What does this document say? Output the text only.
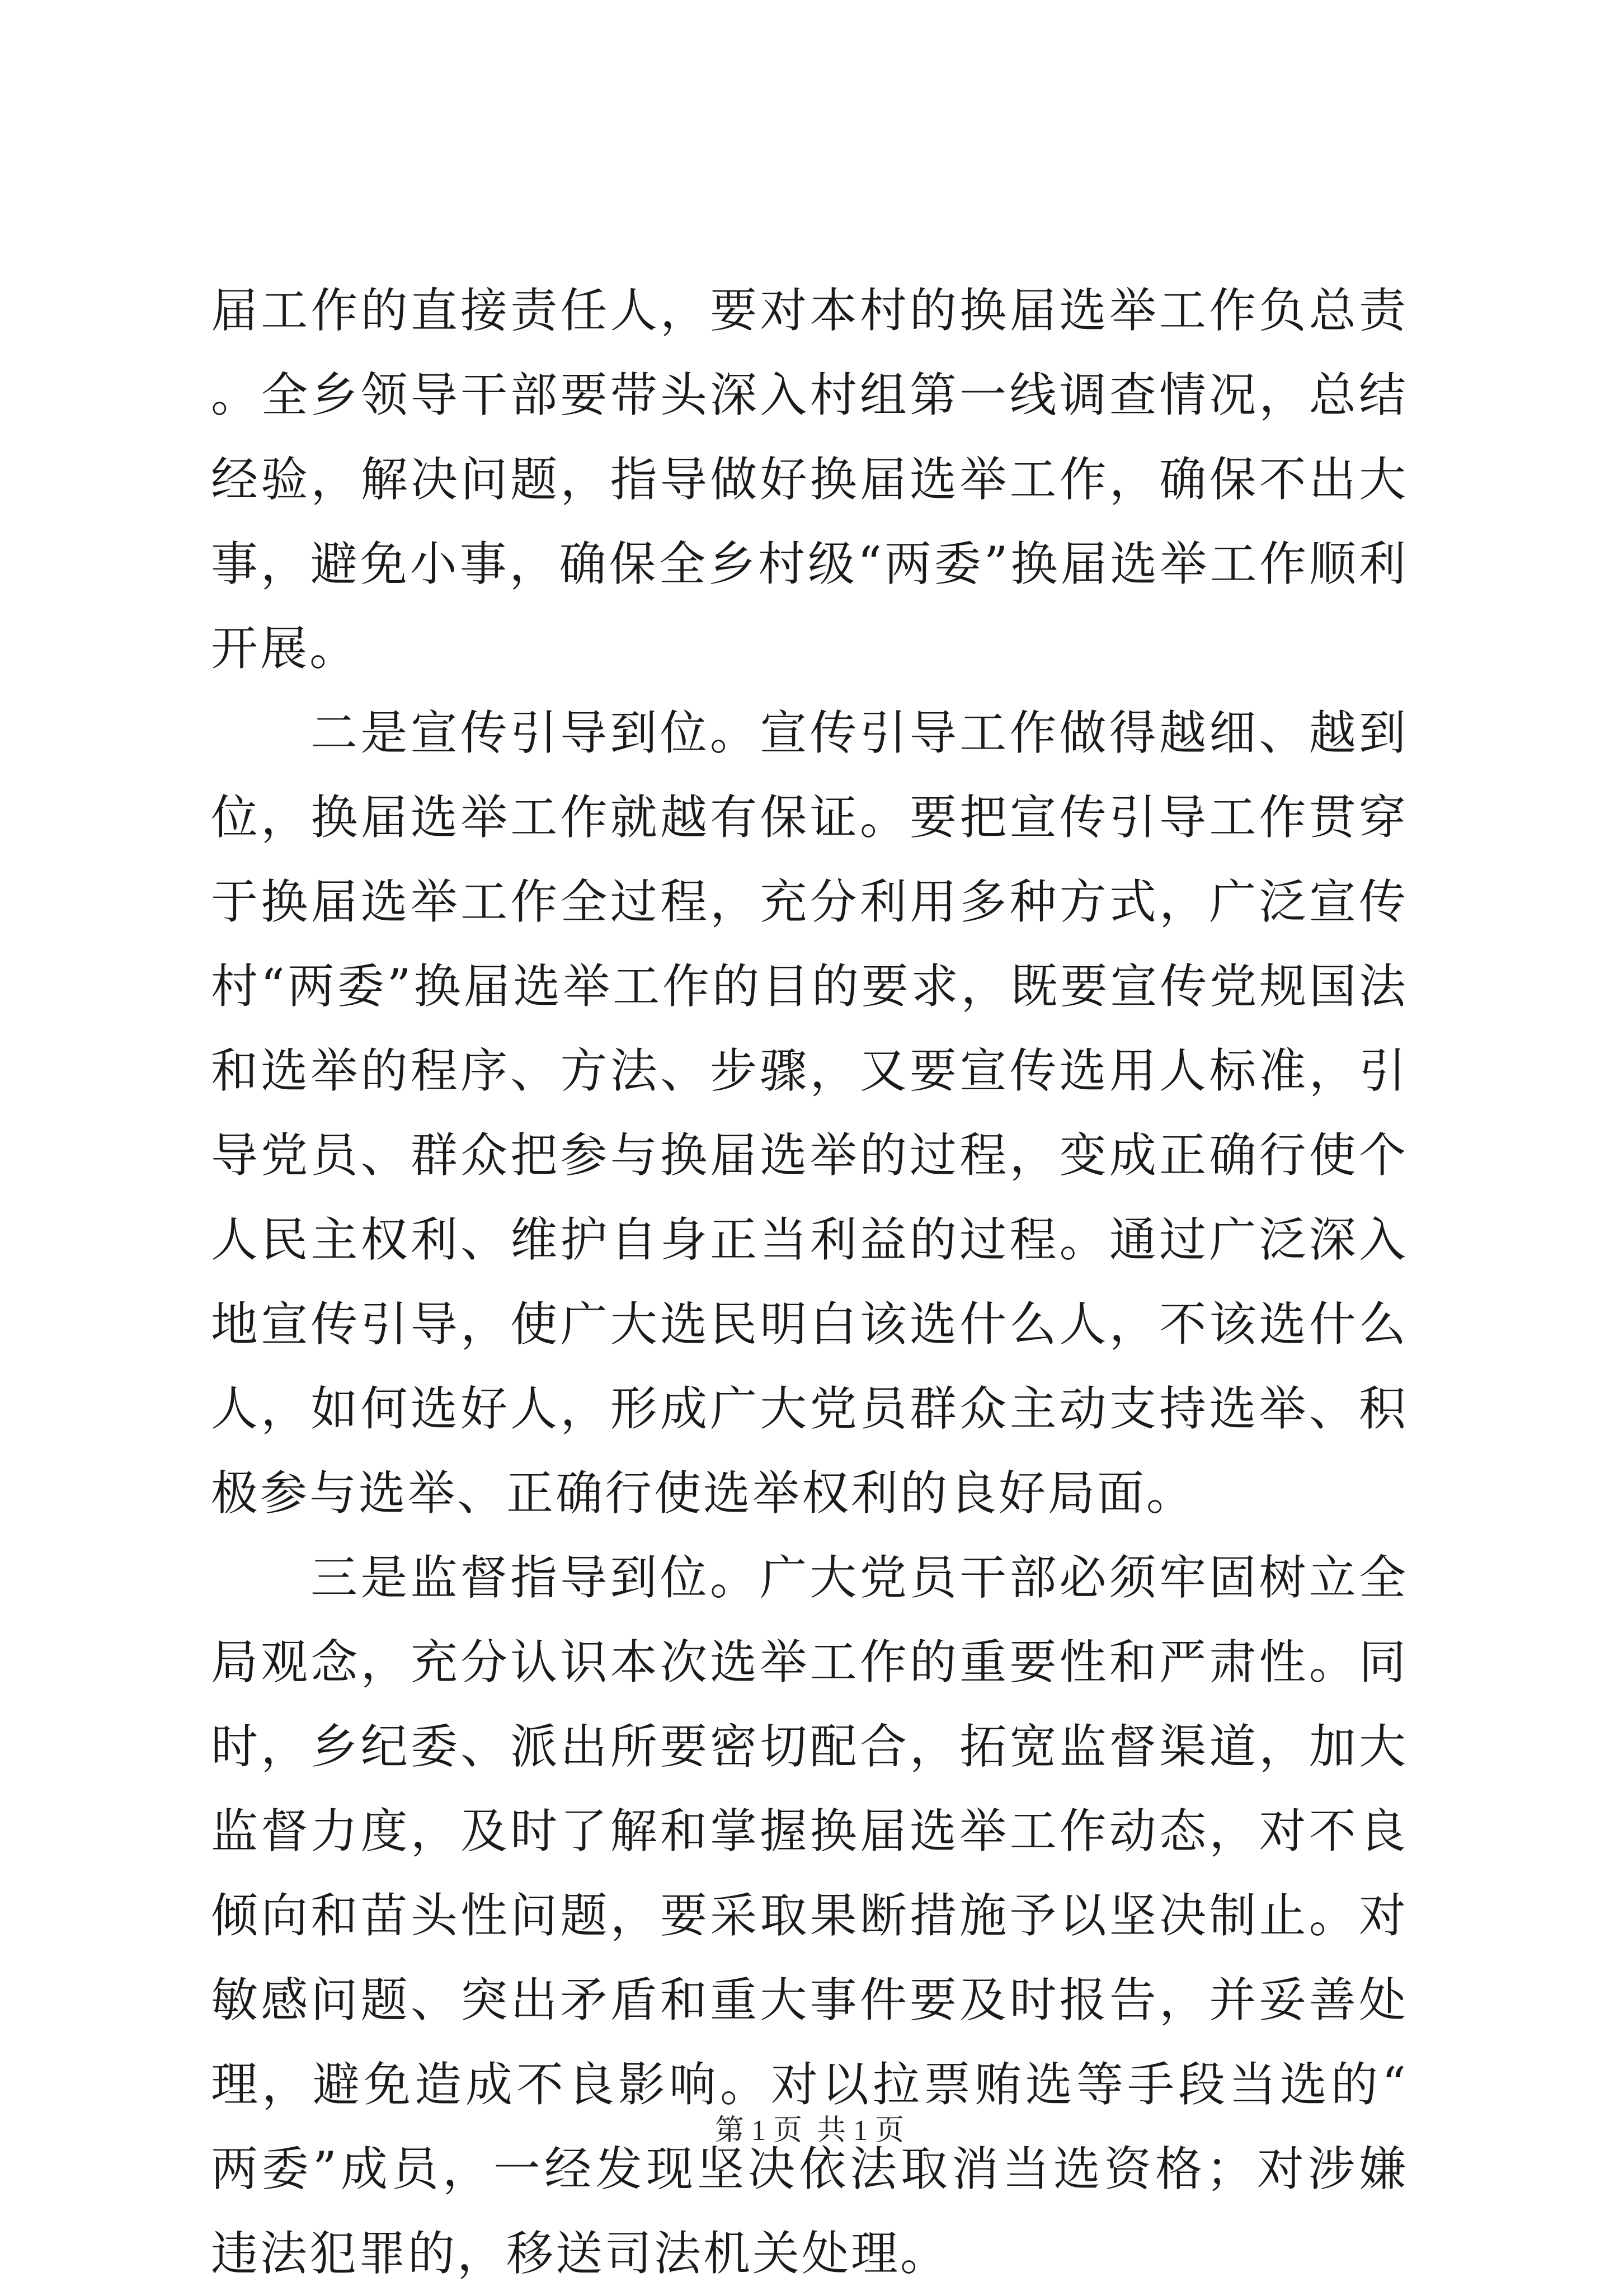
届工作的直接责任人，要对本村的换届选举工作负总责。全乡领导干部要带头深入村组第一线调查情况，总结经验，解决问题，指导做好换届选举工作，确保不出大事，避免小事，确保全乡村级“两委”换届选举工作顺利开展。

二是宣传引导到位。宣传引导工作做得越细、越到位，换届选举工作就越有保证。要把宣传引导工作贯穿于换届选举工作全过程，充分利用多种方式，广泛宣传村“两委”换届选举工作的目的要求，既要宣传党规国法和选举的程序、方法、步骤，又要宣传选用人标准，引导党员、群众把参与换届选举的过程，变成正确行使个人民主权利、维护自身正当利益的过程。通过广泛深入地宣传引导，使广大选民明白该选什么人，不该选什么人，如何选好人，形成广大党员群众主动支持选举、积极参与选举、正确行使选举权利的良好局面。

三是监督指导到位。广大党员干部必须牢固树立全局观念，充分认识本次选举工作的重要性和严肃性。同时，乡纪委、派出所要密切配合，拓宽监督渠道，加大监督力度，及时了解和掌握换届选举工作动态，对不良倾向和苗头性问题，要采取果断措施予以坚决制止。对敏感问题、突出矛盾和重大事件要及时报告，并妥善处理，避免造成不良影响。对以拉票贿选等手段当选的“两委”成员，一经发现坚决依法取消当选资格；对涉嫌违法犯罪的，移送司法机关处理。

第 1 页  共 1 页
